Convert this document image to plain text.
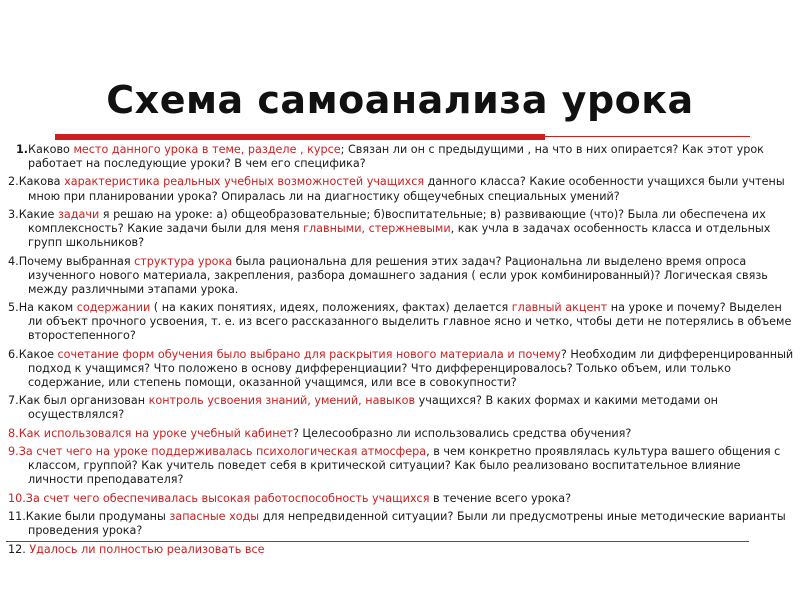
Схема самоанализа урока
1.Каково место данного урока в теме, разделе , курсе; Связан ли он с предыдущими , на что в них опирается? Как этот урок работает на последующие уроки? В чем его специфика?
2.Какова характеристика реальных учебных возможностей учащихся данного класса? Какие особенности учащихся были учтены мною при планировании урока? Опиралась ли на диагностику общеучебных специальных умений?
3.Какие задачи я решаю на уроке: а) общеобразовательные; б)воспитательные; в) развивающие (что)? Была ли обеспечена их комплексность? Какие задачи были для меня главными, стержневыми, как учла в задачах особенность класса и отдельных групп школьников?
4.Почему выбранная структура урока была рациональна для решения этих задач? Рациональна ли выделено время опроса изученного нового материала, закрепления, разбора домашнего задания ( если урок комбинированный)? Логическая связь между различными этапами урока.
5.На каком содержании ( на каких понятиях, идеях, положениях, фактах) делается главный акцент на уроке и почему? Выделен ли объект прочного усвоения, т. е. из всего рассказанного выделить главное ясно и четко, чтобы дети не потерялись в объеме второстепенного?
6.Какое сочетание форм обучения было выбрано для раскрытия нового материала и почему? Необходим ли дифференцированный подход к учащимся? Что положено в основу дифференциации? Что дифференцировалось? Только объем, или только содержание, или степень помощи, оказанной учащимся, или все в совокупности?
7.Как был организован контроль усвоения знаний, умений, навыков учащихся? В каких формах и какими методами он осуществлялся?
8.Как использовался на уроке учебный кабинет? Целесообразно ли использовались средства обучения?
9.За счет чего на уроке поддерживалась психологическая атмосфера, в чем конкретно проявлялась культура вашего общения с классом, группой? Как учитель поведет себя в критической ситуации? Как было реализовано воспитательное влияние личности преподавателя?
10.За счет чего обеспечивалась высокая работоспособность учащихся в течение всего урока?
11.Какие были продуманы запасные ходы для непредвиденной ситуации? Были ли предусмотрены иные методические варианты проведения урока?
12. Удалось ли полностью реализовать все
